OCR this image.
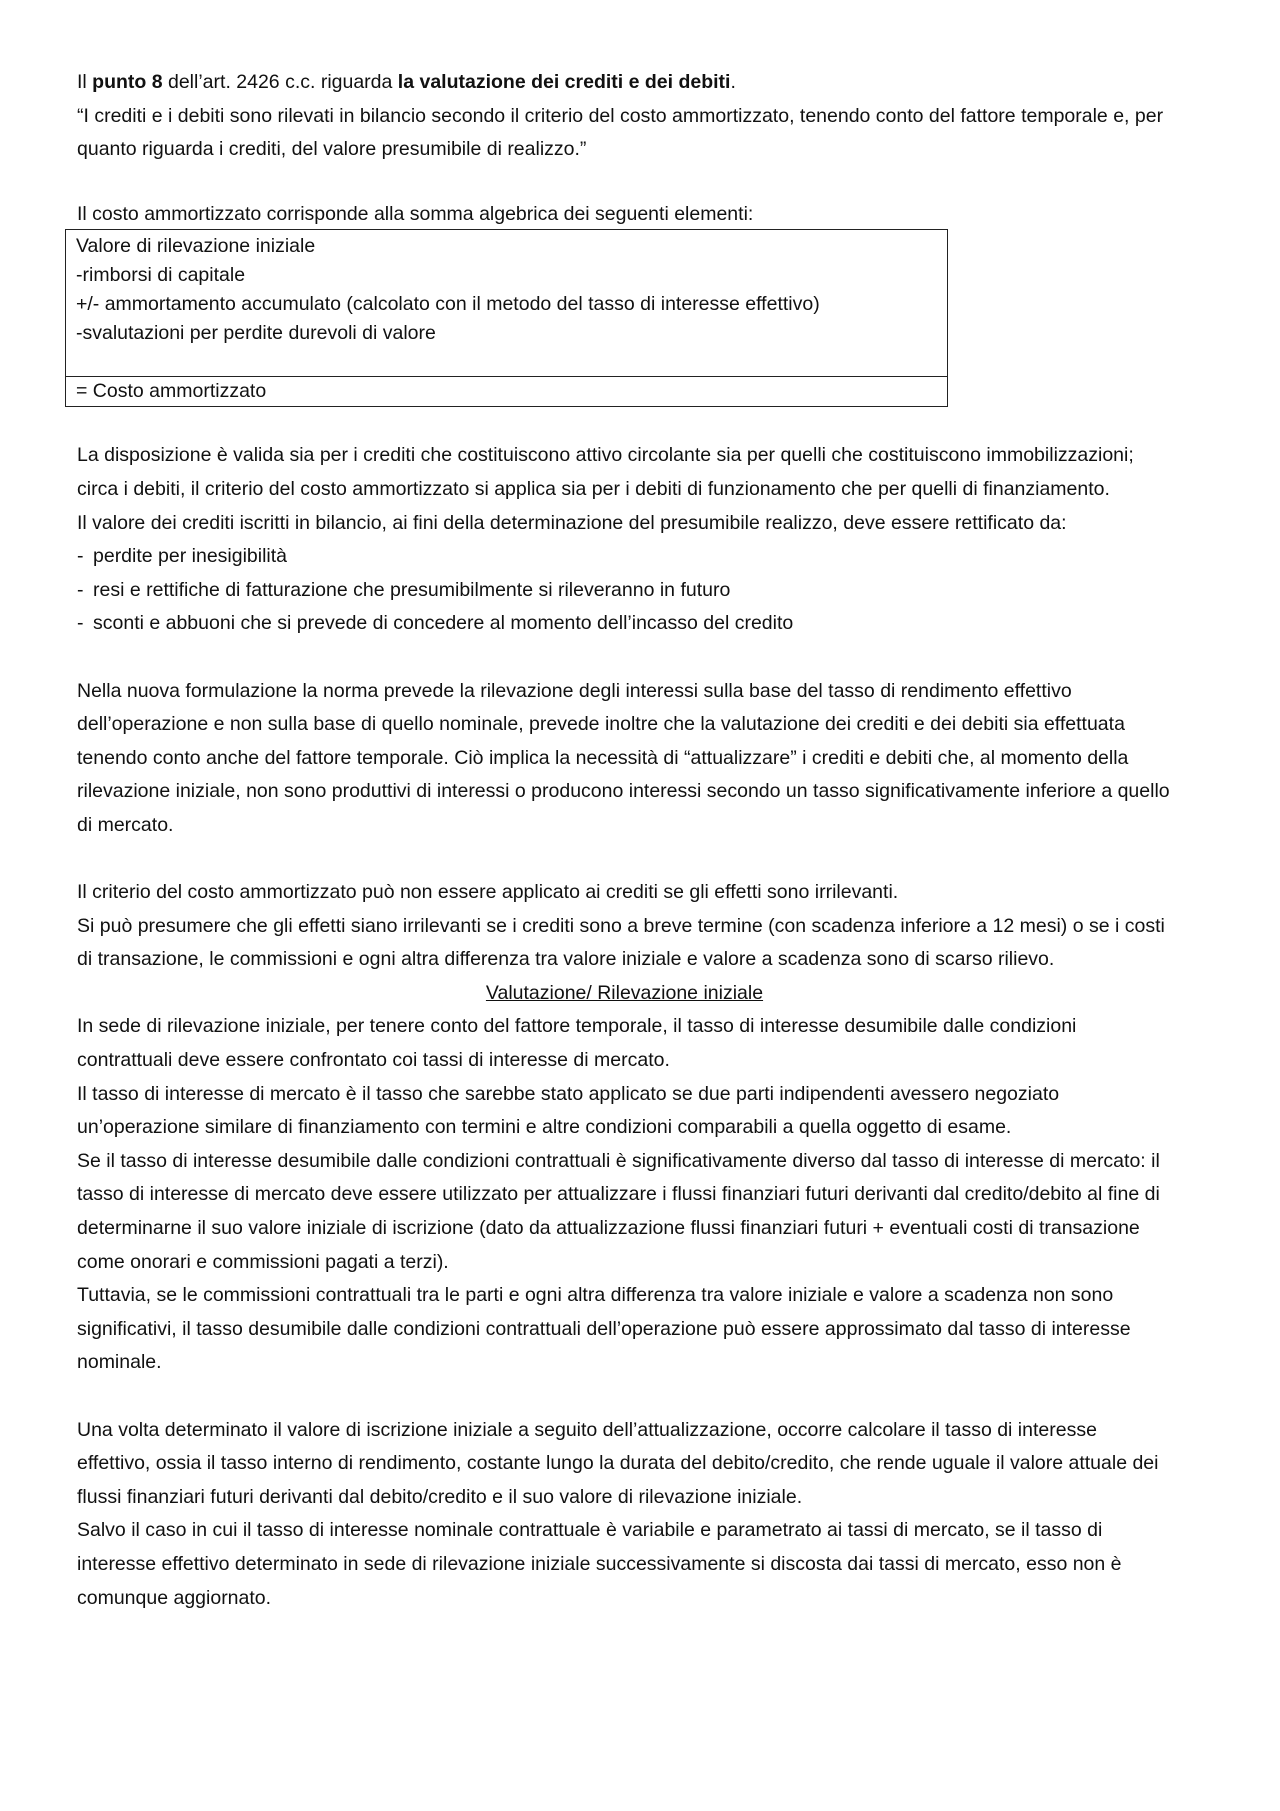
Il punto 8 dell’art. 2426 c.c. riguarda la valutazione dei crediti e dei debiti.

“I crediti e i debiti sono rilevati in bilancio secondo il criterio del costo ammortizzato, tenendo conto del fattore temporale e, per quanto riguarda i crediti, del valore presumibile di realizzo.”

Il costo ammortizzato corrisponde alla somma algebrica dei seguenti elementi:

Valore di rilevazione iniziale
-rimborsi di capitale
+/- ammortamento accumulato (calcolato con il metodo del tasso di interesse effettivo)
-svalutazioni per perdite durevoli di valore
= Costo ammortizzato

La disposizione è valida sia per i crediti che costituiscono attivo circolante sia per quelli che costituiscono immobilizzazioni; circa i debiti, il criterio del costo ammortizzato si applica sia per i debiti di funzionamento che per quelli di finanziamento.

Il valore dei crediti iscritti in bilancio, ai fini della determinazione del presumibile realizzo, deve essere rettificato da:

- perdite per inesigibilità
- resi e rettifiche di fatturazione che presumibilmente si rileveranno in futuro
- sconti e abbuoni che si prevede di concedere al momento dell’incasso del credito

Nella nuova formulazione la norma prevede la rilevazione degli interessi sulla base del tasso di rendimento effettivo dell’operazione e non sulla base di quello nominale, prevede inoltre che la valutazione dei crediti e dei debiti sia effettuata tenendo conto anche del fattore temporale. Ciò implica la necessità di “attualizzare” i crediti e debiti che, al momento della rilevazione iniziale, non sono produttivi di interessi o producono interessi secondo un tasso significativamente inferiore a quello di mercato.

Il criterio del costo ammortizzato può non essere applicato ai crediti se gli effetti sono irrilevanti.

Si può presumere che gli effetti siano irrilevanti se i crediti sono a breve termine (con scadenza inferiore a 12 mesi) o se i costi di transazione, le commissioni e ogni altra differenza tra valore iniziale e valore a scadenza sono di scarso rilievo.

Valutazione/ Rilevazione iniziale

In sede di rilevazione iniziale, per tenere conto del fattore temporale, il tasso di interesse desumibile dalle condizioni contrattuali deve essere confrontato coi tassi di interesse di mercato.

Il tasso di interesse di mercato è il tasso che sarebbe stato applicato se due parti indipendenti avessero negoziato un’operazione similare di finanziamento con termini e altre condizioni comparabili a quella oggetto di esame.

Se il tasso di interesse desumibile dalle condizioni contrattuali è significativamente diverso dal tasso di interesse di mercato: il tasso di interesse di mercato deve essere utilizzato per attualizzare i flussi finanziari futuri derivanti dal credito/debito al fine di determinarne il suo valore iniziale di iscrizione (dato da attualizzazione flussi finanziari futuri + eventuali costi di transazione come onorari e commissioni pagati a terzi).

Tuttavia, se le commissioni contrattuali tra le parti e ogni altra differenza tra valore iniziale e valore a scadenza non sono significativi, il tasso desumibile dalle condizioni contrattuali dell’operazione può essere approssimato dal tasso di interesse nominale.

Una volta determinato il valore di iscrizione iniziale a seguito dell’attualizzazione, occorre calcolare il tasso di interesse effettivo, ossia il tasso interno di rendimento, costante lungo la durata del debito/credito, che rende uguale il valore attuale dei flussi finanziari futuri derivanti dal debito/credito e il suo valore di rilevazione iniziale.

Salvo il caso in cui il tasso di interesse nominale contrattuale è variabile e parametrato ai tassi di mercato, se il tasso di interesse effettivo determinato in sede di rilevazione iniziale successivamente si discosta dai tassi di mercato, esso non è comunque aggiornato.
